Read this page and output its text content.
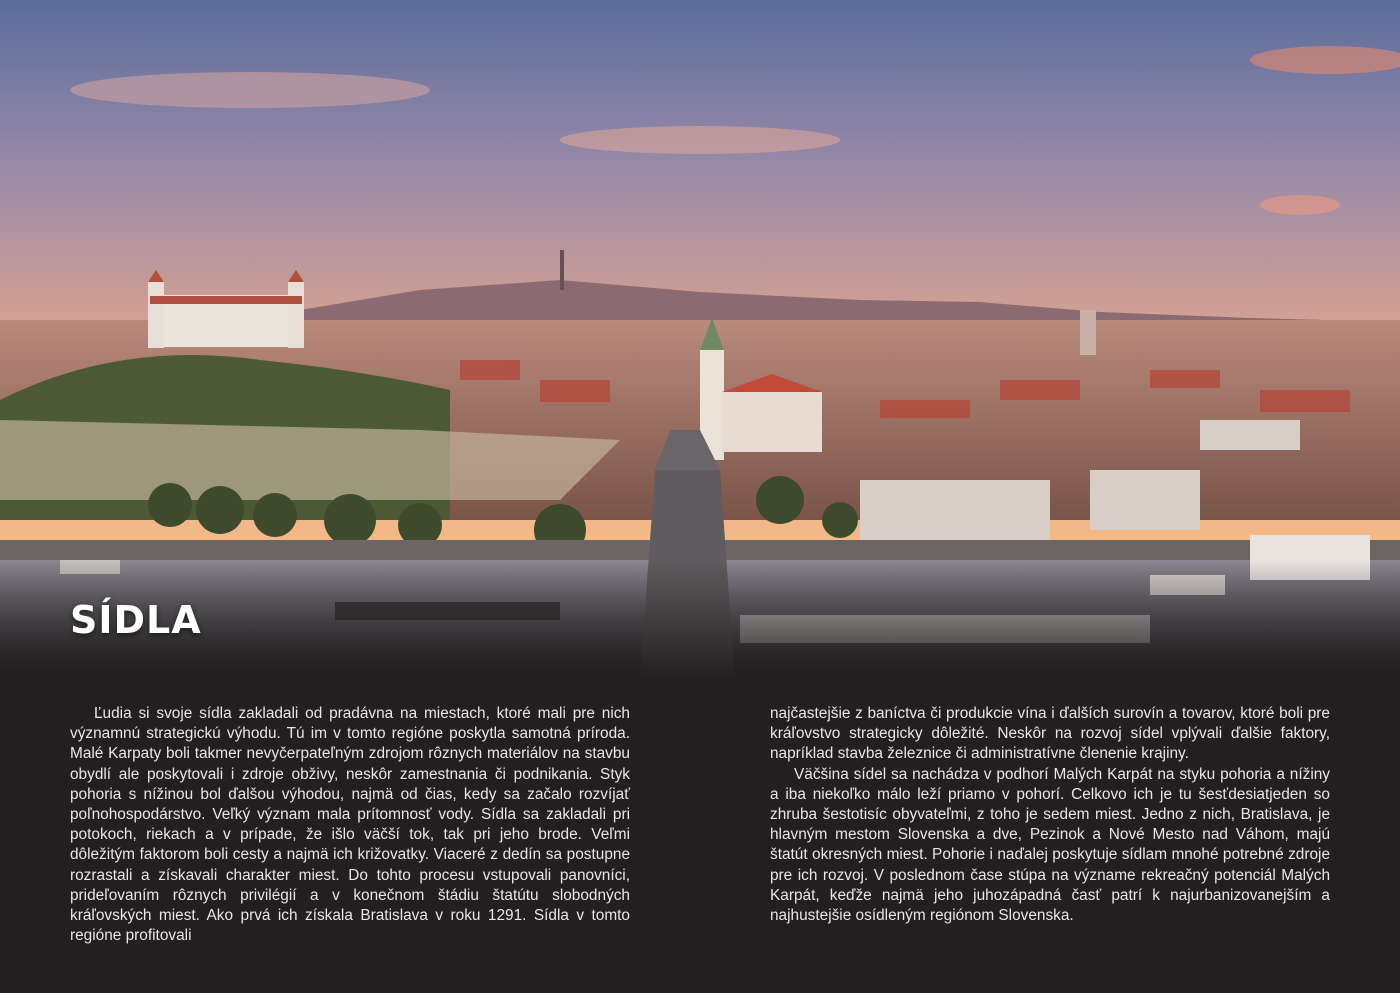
SÍDLA

Ľudia si svoje sídla zakladali od pradávna na miestach, ktoré mali pre nich významnú strategickú výhodu. Tú im v tomto regióne poskytla samotná príroda. Malé Karpaty boli takmer nevyčerpateľným zdrojom rôznych materiálov na stavbu obydlí ale poskytovali i zdroje obživy, neskôr zamestnania či podnikania. Styk pohoria s nížinou bol ďalšou výhodou, najmä od čias, kedy sa začalo rozvíjať poľnohospodárstvo. Veľký význam mala prítomnosť vody. Sídla sa zakladali pri potokoch, riekach a v prípade, že išlo väčší tok, tak pri jeho brode. Veľmi dôležitým faktorom boli cesty a najmä ich križovatky. Viaceré z dedín sa postupne rozrastali a získavali charakter miest. Do tohto procesu vstupovali panovníci, prideľovaním rôznych privilégií a v konečnom štádiu štatútu slobodných kráľovských miest. Ako prvá ich získala Bratislava v roku 1291. Sídla v tomto regióne profitovali

najčastejšie z baníctva či produkcie vína i ďalších surovín a tovarov, ktoré boli pre kráľovstvo strategicky dôležité. Neskôr na rozvoj sídel vplývali ďalšie faktory, napríklad stavba železnice či administratívne členenie krajiny.

Väčšina sídel sa nachádza v podhorí Malých Karpát na styku pohoria a nížiny a iba niekoľko málo leží priamo v pohorí. Celkovo ich je tu šesťdesiatjeden so zhruba šestotisíc obyvateľmi, z toho je sedem miest. Jedno z nich, Bratislava, je hlavným mestom Slovenska a dve, Pezinok a Nové Mesto nad Váhom, majú štatút okresných miest. Pohorie i naďalej poskytuje sídlam mnohé potrebné zdroje pre ich rozvoj. V poslednom čase stúpa na význame rekreačný potenciál Malých Karpát, keďže najmä jeho juhozápadná časť patrí k najurbanizovanejším a najhustejšie osídleným regiónom Slovenska.
